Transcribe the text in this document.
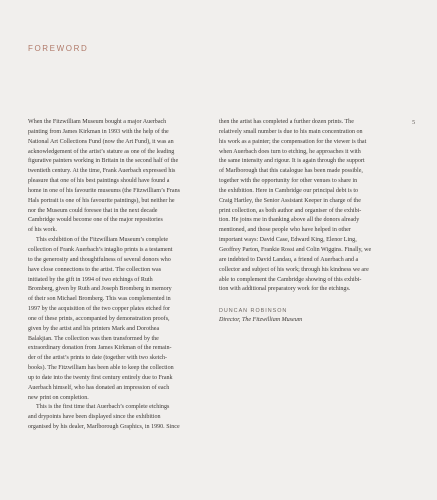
FOREWORD
5
When the Fitzwilliam Museum bought a major Auerbach
painting from James Kirkman in 1993 with the help of the
National Art Collections Fund (now the Art Fund), it was an
acknowledgement of the artist’s stature as one of the leading
figurative painters working in Britain in the second half of the
twentieth century. At the time, Frank Auerbach expressed his
pleasure that one of his best paintings should have found a
home in one of his favourite museums (the Fitzwilliam’s Frans
Hals portrait is one of his favourite paintings), but neither he
nor the Museum could foresee that in the next decade
Cambridge would become one of the major repositories
of his work.
This exhibition of the Fitzwilliam Museum’s complete
collection of Frank Auerbach’s intaglio prints is a testament
to the generosity and thoughtfulness of several donors who
have close connections to the artist. The collection was
initiated by the gift in 1994 of two etchings of Ruth
Bromberg, given by Ruth and Joseph Bromberg in memory
of their son Michael Bromberg. This was complemented in
1997 by the acquisition of the two copper plates etched for
one of these prints, accompanied by demonstration proofs,
given by the artist and his printers Mark and Dorothea
Balakjian. The collection was then transformed by the
extraordinary donation from James Kirkman of the remain-
der of the artist’s prints to date (together with two sketch-
books). The Fitzwilliam has been able to keep the collection
up to date into the twenty first century entirely due to Frank
Auerbach himself, who has donated an impression of each
new print on completion.
This is the first time that Auerbach’s complete etchings
and drypoints have been displayed since the exhibition
organised by his dealer, Marlborough Graphics, in 1990. Since
then the artist has completed a further dozen prints. The
relatively small number is due to his main concentration on
his work as a painter; the compensation for the viewer is that
when Auerbach does turn to etching, he approaches it with
the same intensity and rigour. It is again through the support
of Marlborough that this catalogue has been made possible,
together with the opportunity for other venues to share in
the exhibition. Here in Cambridge our principal debt is to
Craig Hartley, the Senior Assistant Keeper in charge of the
print collection, as both author and organiser of the exhibi-
tion. He joins me in thanking above all the donors already
mentioned, and those people who have helped in other
important ways: David Case, Edward King, Elenor Ling,
Geoffrey Parton, Frankie Rossi and Colin Wiggins. Finally, we
are indebted to David Landau, a friend of Auerbach and a
collector and subject of his work; through his kindness we are
able to complement the Cambridge showing of this exhibi-
tion with additional preparatory work for the etchings.
DUNCAN ROBINSON
Director, The Fitzwilliam Museum
